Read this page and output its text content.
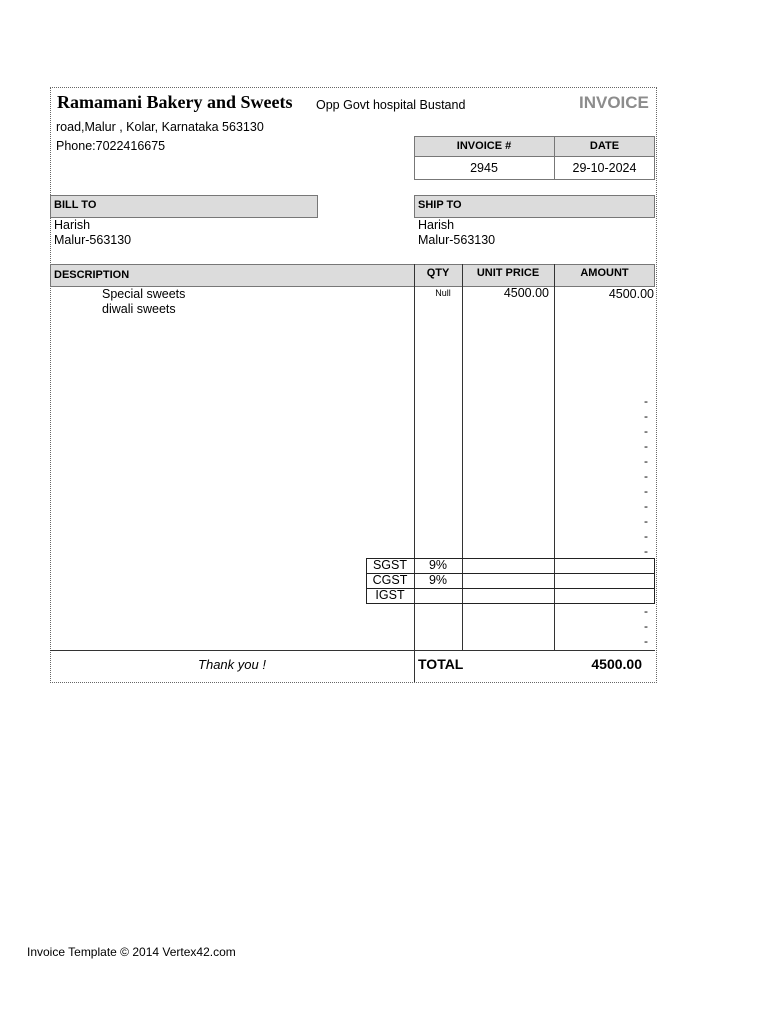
Ramamani Bakery and Sweets Opp Govt hospital Bustand
road,Malur , Kolar, Karnataka 563130
Phone:7022416675
INVOICE
INVOICE #	DATE
2945	29-10-2024
BILL TO
Harish
Malur-563130
SHIP TO
Harish
Malur-563130
DESCRIPTION	QTY	UNIT PRICE	AMOUNT
Special sweets	Null	4500.00	4500.00
diwali sweets
-
-
-
-
-
-
-
-
-
-
-
-
-
-
SGST	9%
CGST	9%
IGST
Thank you !	TOTAL	4500.00
Invoice Template © 2014 Vertex42.com
